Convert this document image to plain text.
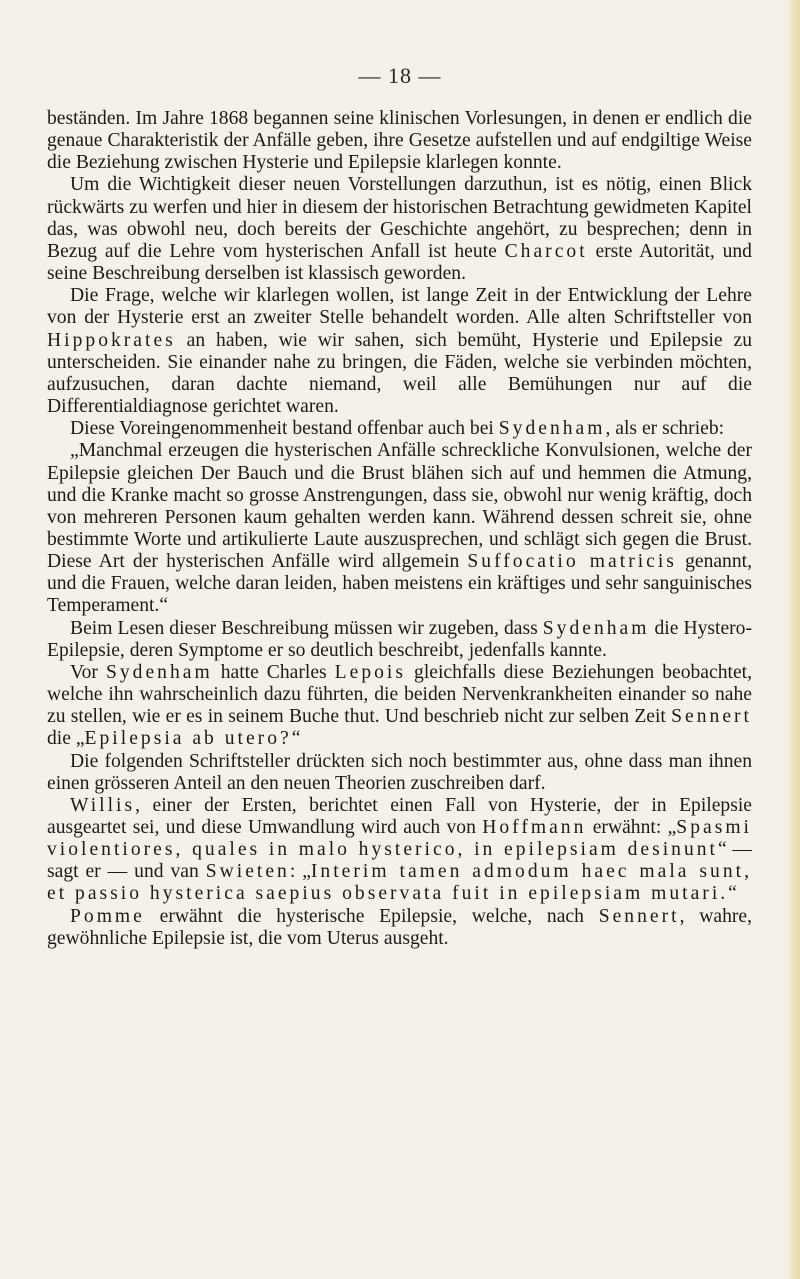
— 18 —

beständen. Im Jahre 1868 begannen seine klinischen Vorlesungen, in denen er endlich die genaue Charakteristik der Anfälle geben, ihre Gesetze aufstellen und auf endgiltige Weise die Beziehung zwischen Hysterie und Epilepsie klarlegen konnte.

Um die Wichtigkeit dieser neuen Vorstellungen darzuthun, ist es nötig, einen Blick rückwärts zu werfen und hier in diesem der historischen Betrachtung gewidmeten Kapitel das, was obwohl neu, doch bereits der Geschichte angehört, zu besprechen; denn in Bezug auf die Lehre vom hysterischen Anfall ist heute Charcot erste Autorität, und seine Beschreibung derselben ist klassisch geworden.

Die Frage, welche wir klarlegen wollen, ist lange Zeit in der Entwicklung der Lehre von der Hysterie erst an zweiter Stelle behandelt worden. Alle alten Schriftsteller von Hippokrates an haben, wie wir sahen, sich bemüht, Hysterie und Epilepsie zu unterscheiden. Sie einander nahe zu bringen, die Fäden, welche sie verbinden möchten, aufzusuchen, daran dachte niemand, weil alle Bemühungen nur auf die Differentialdiagnose gerichtet waren.

Diese Voreingenommenheit bestand offenbar auch bei Sydenham, als er schrieb:

„Manchmal erzeugen die hysterischen Anfälle schreckliche Konvulsionen, welche der Epilepsie gleichen Der Bauch und die Brust blähen sich auf und hemmen die Atmung, und die Kranke macht so grosse Anstrengungen, dass sie, obwohl nur wenig kräftig, doch von mehreren Personen kaum gehalten werden kann. Während dessen schreit sie, ohne bestimmte Worte und artikulierte Laute auszusprechen, und schlägt sich gegen die Brust. Diese Art der hysterischen Anfälle wird allgemein Suffocatio matricis genannt, und die Frauen, welche daran leiden, haben meistens ein kräftiges und sehr sanguinisches Temperament.“

Beim Lesen dieser Beschreibung müssen wir zugeben, dass Sydenham die Hystero-Epilepsie, deren Symptome er so deutlich beschreibt, jedenfalls kannte.

Vor Sydenham hatte Charles Lepois gleichfalls diese Beziehungen beobachtet, welche ihn wahrscheinlich dazu führten, die beiden Nervenkrankheiten einander so nahe zu stellen, wie er es in seinem Buche thut. Und beschrieb nicht zur selben Zeit Sennert die „Epilepsia ab utero?“

Die folgenden Schriftsteller drückten sich noch bestimmter aus, ohne dass man ihnen einen grösseren Anteil an den neuen Theorien zuschreiben darf.

Willis, einer der Ersten, berichtet einen Fall von Hysterie, der in Epilepsie ausgeartet sei, und diese Umwandlung wird auch von Hoffmann erwähnt: „Spasmi violentiores, quales in malo hysterico, in epilepsiam desinunt“ — sagt er — und van Swieten: „Interim tamen admodum haec mala sunt, et passio hysterica saepius observata fuit in epilepsiam mutari.“

Pomme erwähnt die hysterische Epilepsie, welche, nach Sennert, wahre, gewöhnliche Epilepsie ist, die vom Uterus ausgeht.
